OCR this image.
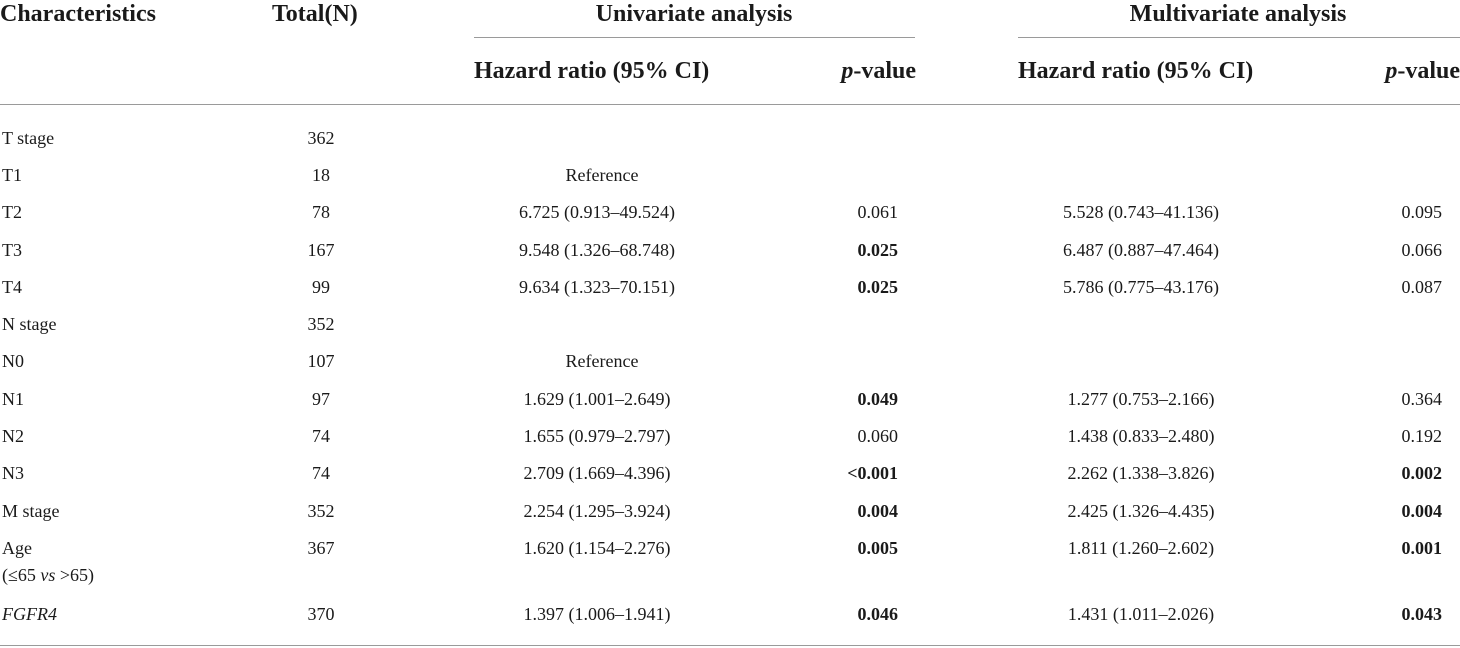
Characteristics	Total(N)	Univariate analysis	Multivariate analysis
Hazard ratio (95% CI)	p-value	Hazard ratio (95% CI)	p-value
T stage	362
T1	18	Reference
T2	78	6.725 (0.913–49.524)	0.061	5.528 (0.743–41.136)	0.095
T3	167	9.548 (1.326–68.748)	0.025	6.487 (0.887–47.464)	0.066
T4	99	9.634 (1.323–70.151)	0.025	5.786 (0.775–43.176)	0.087
N stage	352
N0	107	Reference
N1	97	1.629 (1.001–2.649)	0.049	1.277 (0.753–2.166)	0.364
N2	74	1.655 (0.979–2.797)	0.060	1.438 (0.833–2.480)	0.192
N3	74	2.709 (1.669–4.396)	<0.001	2.262 (1.338–3.826)	0.002
M stage	352	2.254 (1.295–3.924)	0.004	2.425 (1.326–4.435)	0.004
Age	367	1.620 (1.154–2.276)	0.005	1.811 (1.260–2.602)	0.001
(≤65 vs >65)
FGFR4	370	1.397 (1.006–1.941)	0.046	1.431 (1.011–2.026)	0.043
